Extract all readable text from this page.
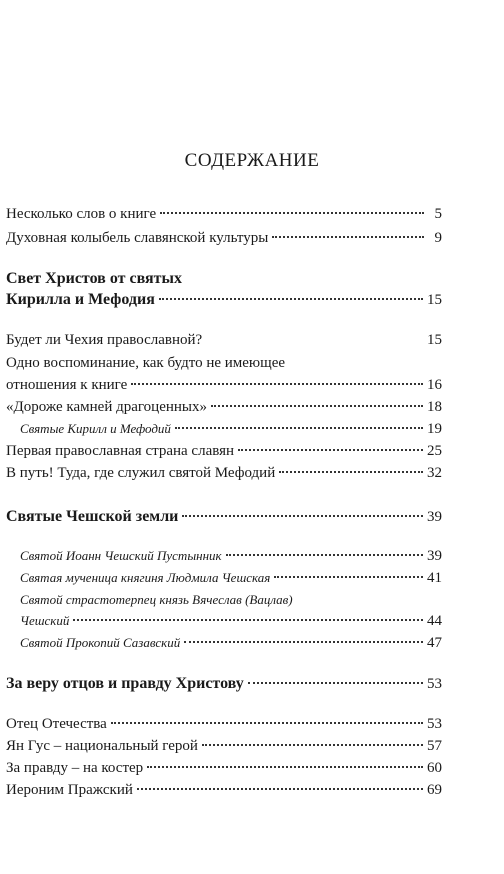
СОДЕРЖАНИЕ
Несколько слов о книге	5
Духовная колыбель славянской культуры	9
Свет Христов от святых
Кирилла и Мефодия	15
Будет ли Чехия православной?	15
Одно воспоминание, как будто не имеющее
отношения к книге	16
«Дороже камней драгоценных»	18
Святые Кирилл и Мефодий	19
Первая православная страна славян	25
В путь! Туда, где служил святой Мефодий	32
Святые Чешской земли	39
Святой Иоанн Чешский Пустынник	39
Святая мученица княгиня Людмила Чешская	41
Святой страстотерпец князь Вячеслав (Вацлав)
Чешский	44
Святой Прокопий Сазавский	47
За веру отцов и правду Христову	53
Отец Отечества	53
Ян Гус – национальный герой	57
За правду – на костер	60
Иероним Пражский	69
